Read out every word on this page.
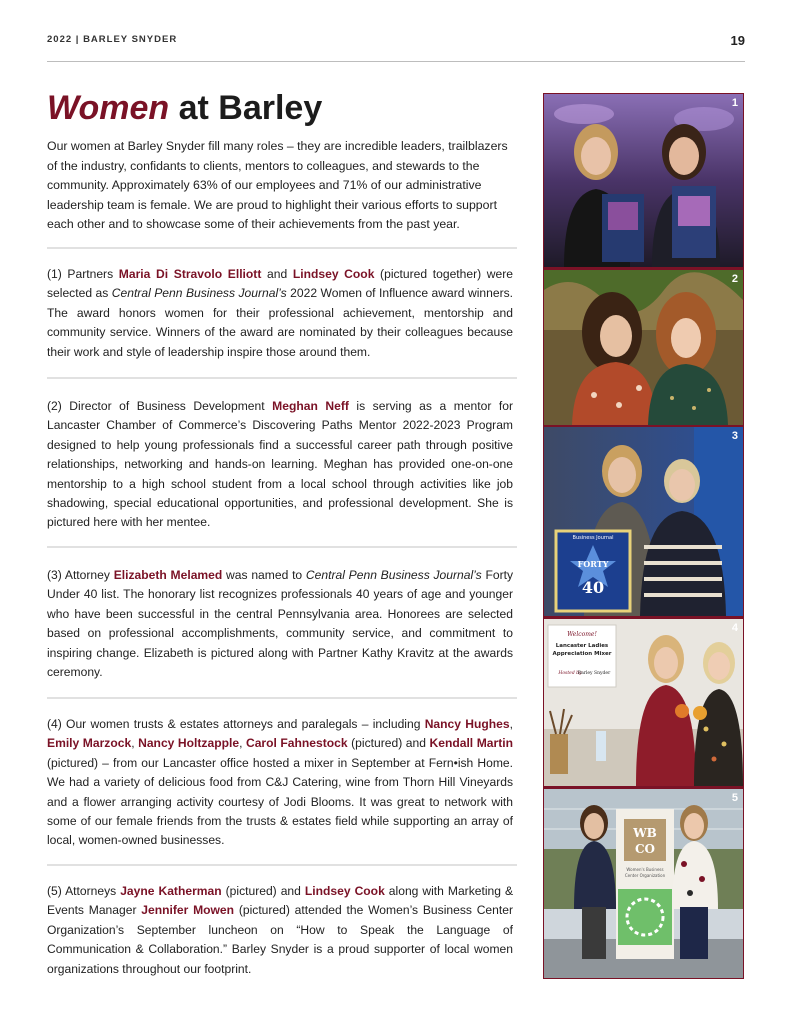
2022 | BARLEY SNYDER	19
Women at Barley

Our women at Barley Snyder fill many roles – they are incredible leaders, trailblazers of the industry, confidants to clients, mentors to colleagues, and stewards to the community. Approximately 63% of our employees and 71% of our administrative leadership team is female. We are proud to highlight their various efforts to support each other and to showcase some of their achievements from the past year.

(1) Partners Maria Di Stravolo Elliott and Lindsey Cook (pictured together) were selected as Central Penn Business Journal’s 2022 Women of Influence award winners. The award honors women for their professional achievement, mentorship and community service. Winners of the award are nominated by their colleagues because their work and style of leadership inspire those around them.

(2) Director of Business Development Meghan Neff is serving as a mentor for Lancaster Chamber of Commerce’s Discovering Paths Mentor 2022-2023 Program designed to help young professionals find a successful career path through positive relationships, networking and hands-on learning. Meghan has provided one-on-one mentorship to a high school student from a local school through activities like job shadowing, special educational opportunities, and professional development. She is pictured here with her mentee.

(3) Attorney Elizabeth Melamed was named to Central Penn Business Journal’s Forty Under 40 list. The honorary list recognizes professionals 40 years of age and younger who have been successful in the central Pennsylvania area. Honorees are selected based on professional accomplishments, community service, and commitment to inspiring change. Elizabeth is pictured along with Partner Kathy Kravitz at the awards ceremony.

(4) Our women trusts & estates attorneys and paralegals – including Nancy Hughes, Emily Marzock, Nancy Holtzapple, Carol Fahnestock (pictured) and Kendall Martin (pictured) – from our Lancaster office hosted a mixer in September at Fern•ish Home. We had a variety of delicious food from C&J Catering, wine from Thorn Hill Vineyards and a flower arranging activity courtesy of Jodi Blooms. It was great to network with some of our female friends from the trusts & estates field while supporting an array of local, women-owned businesses.

(5) Attorneys Jayne Katherman (pictured) and Lindsey Cook along with Marketing & Events Manager Jennifer Mowen (pictured) attended the Women’s Business Center Organization’s September luncheon on “How to Speak the Language of Communication & Collaboration.” Barley Snyder is a proud supporter of local women organizations throughout our footprint.

1
2
Business Journal
FORTY
40
3
Welcome!
Lancaster Ladies
Appreciation Mixer
Hosted by
Barley Snyder
4
WB
CO
Women's Business
Center Organization
5
